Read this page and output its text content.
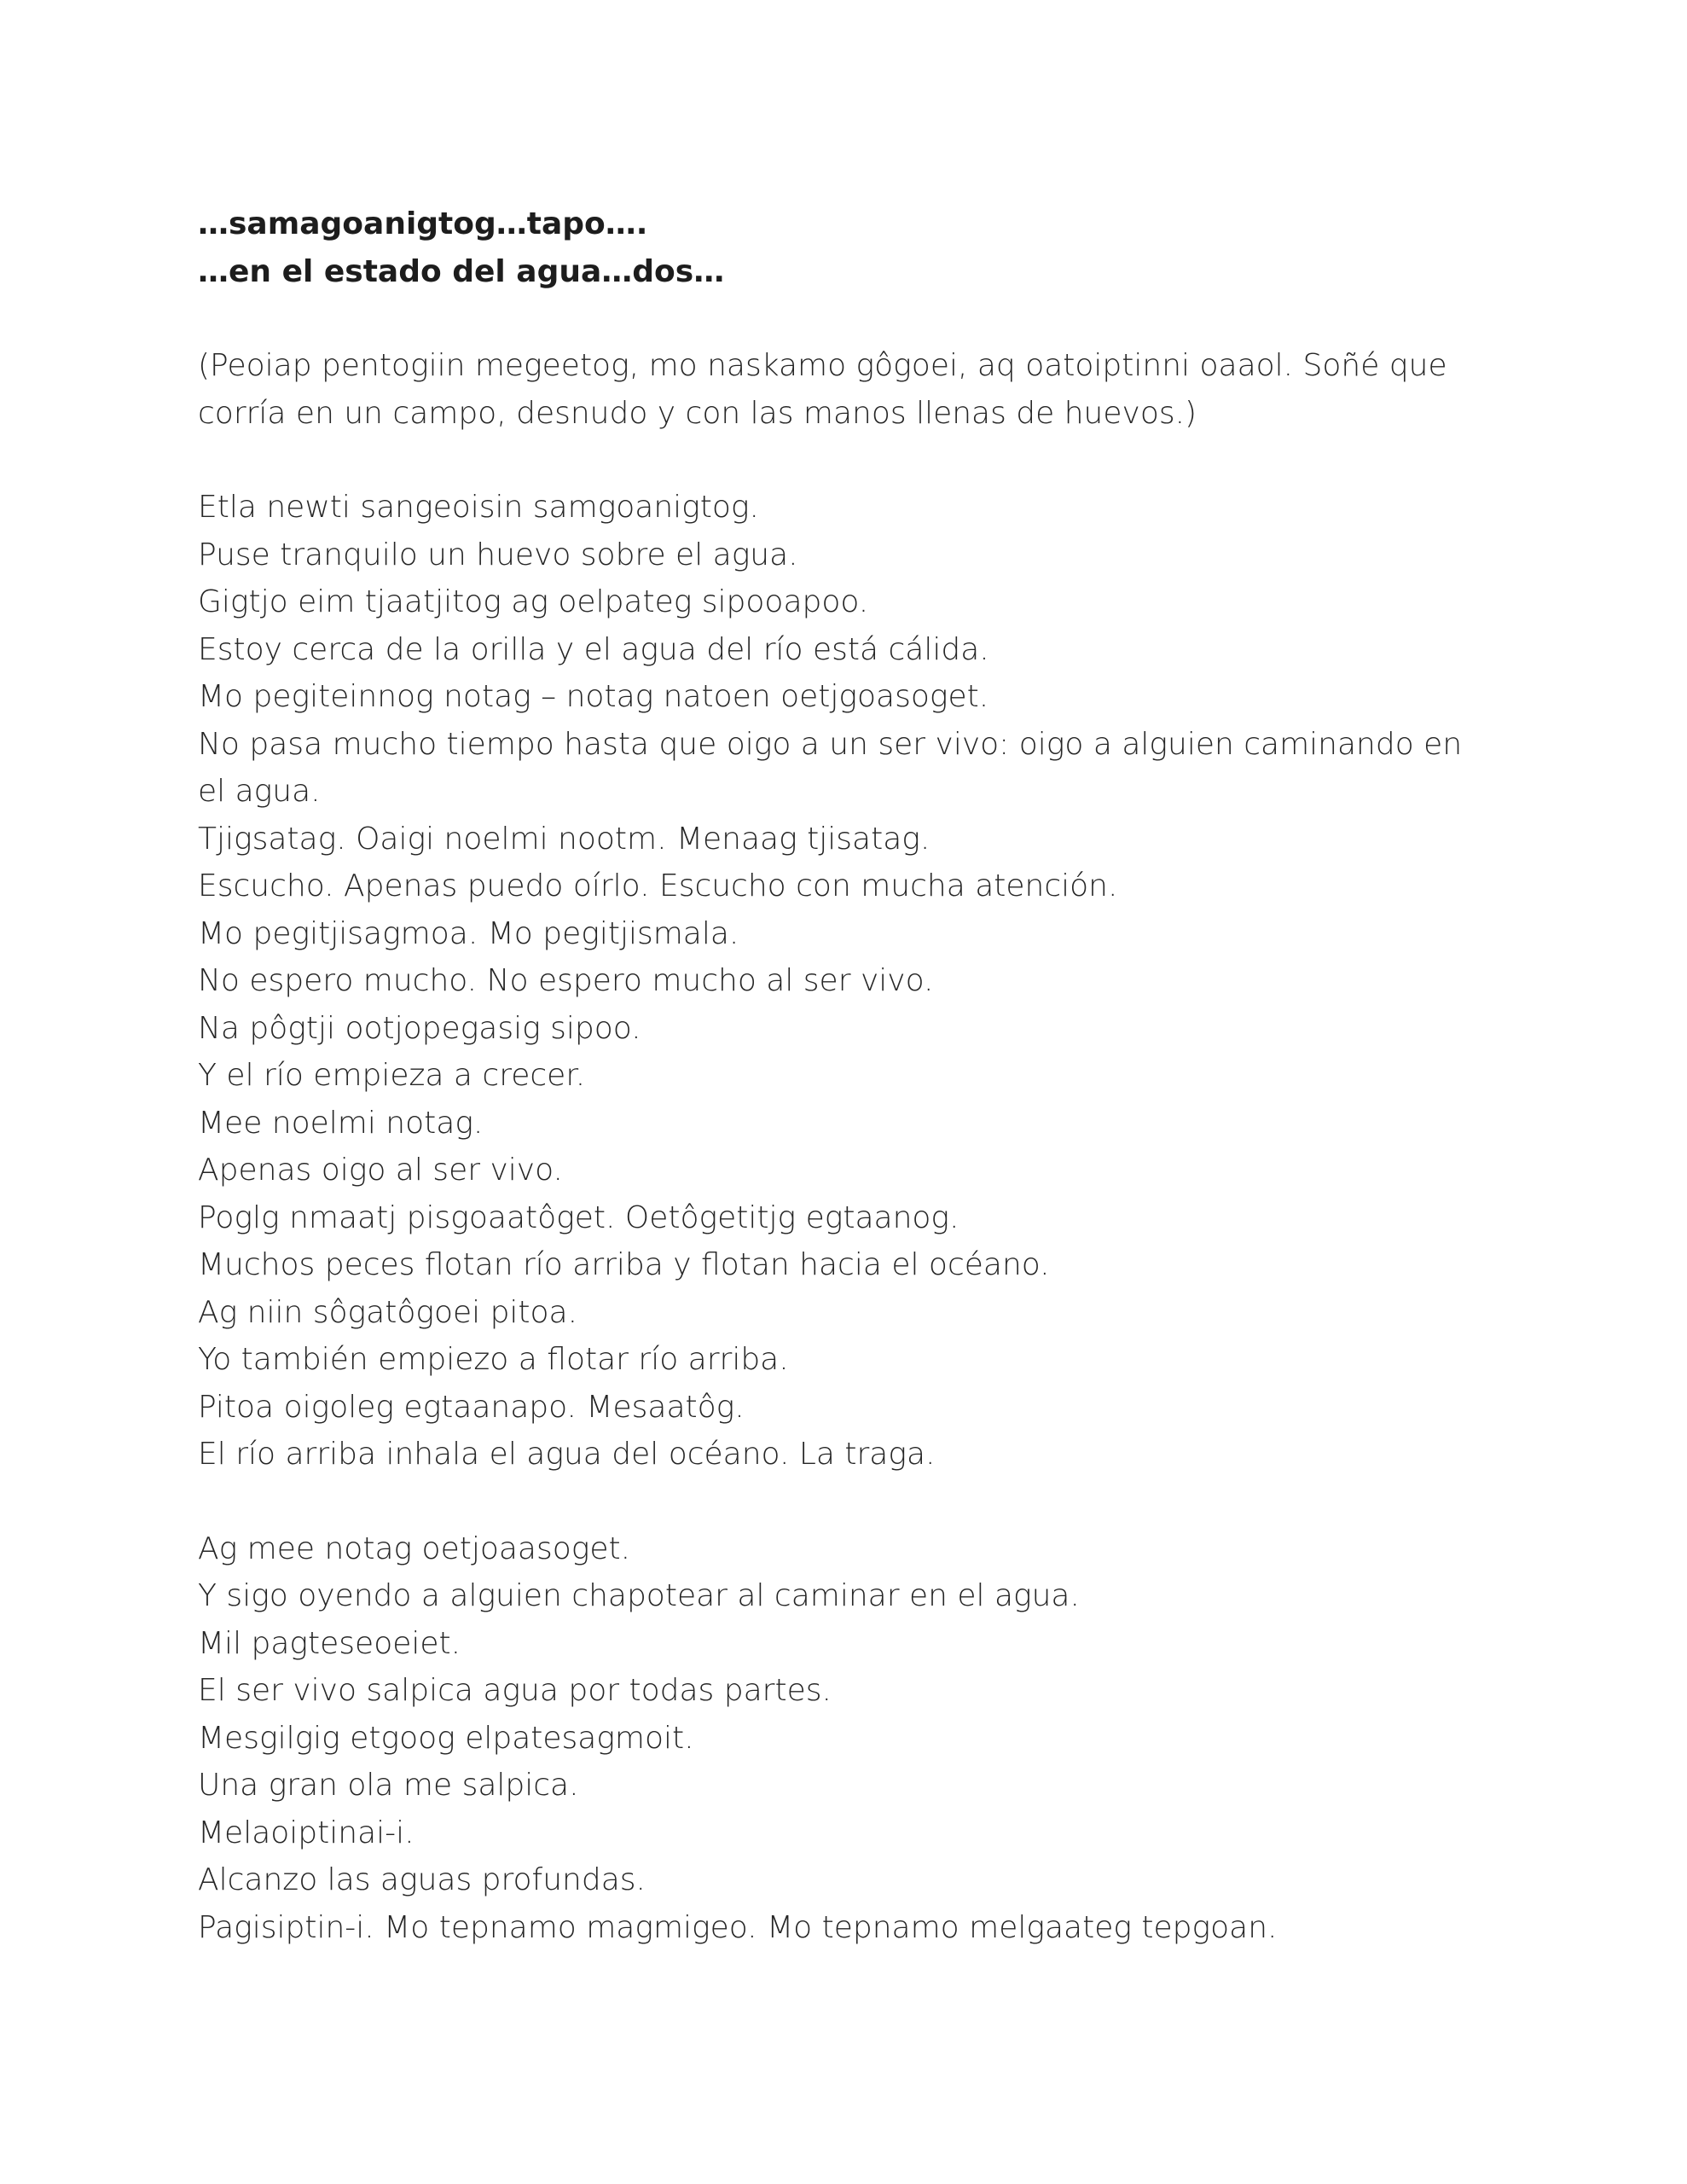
…samagoanigtog…tapo….
…en el estado del agua…dos…

(Peoiap pentogiin megeetog, mo naskamo gôgoei, aq oatoiptinni oaaol. Soñé que corría en un campo, desnudo y con las manos llenas de huevos.)

Etla newti sangeoisin samgoanigtog.
Puse tranquilo un huevo sobre el agua.
Gigtjo eim tjaatjitog ag oelpateg sipooapoo.
Estoy cerca de la orilla y el agua del río está cálida.
Mo pegiteinnog notag – notag natoen oetjgoasoget.
No pasa mucho tiempo hasta que oigo a un ser vivo: oigo a alguien caminando en el agua.
Tjigsatag. Oaigi noelmi nootm. Menaag tjisatag.
Escucho. Apenas puedo oírlo. Escucho con mucha atención.
Mo pegitjisagmoa. Mo pegitjismala.
No espero mucho. No espero mucho al ser vivo.
Na pôgtji ootjopegasig sipoo.
Y el río empieza a crecer.
Mee noelmi notag.
Apenas oigo al ser vivo.
Poglg nmaatj pisgoaatôget. Oetôgetitjg egtaanog.
Muchos peces flotan río arriba y flotan hacia el océano.
Ag niin sôgatôgoei pitoa.
Yo también empiezo a flotar río arriba.
Pitoa oigoleg egtaanapo. Mesaatôg.
El río arriba inhala el agua del océano. La traga.
Ag mee notag oetjoaasoget.
Y sigo oyendo a alguien chapotear al caminar en el agua.
Mil pagteseoeiet.
El ser vivo salpica agua por todas partes.
Mesgilgig etgoog elpatesagmoit.
Una gran ola me salpica.
Melaoiptinai-i.
Alcanzo las aguas profundas.
Pagisiptin-i. Mo tepnamo magmigeo. Mo tepnamo melgaateg tepgoan.
